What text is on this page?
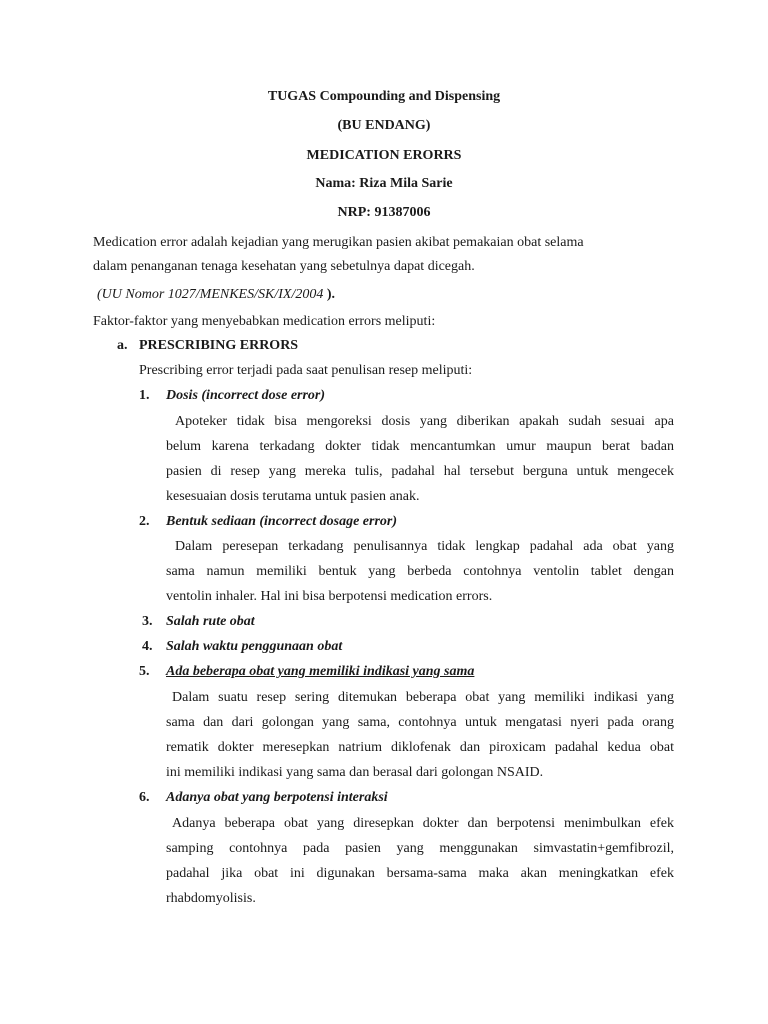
TUGAS Compounding and Dispensing
(BU ENDANG)
MEDICATION ERORRS
Nama: Riza Mila Sarie
NRP: 91387006
Medication error adalah kejadian yang merugikan pasien akibat pemakaian obat selama
dalam penanganan tenaga kesehatan yang sebetulnya dapat dicegah.
(UU Nomor 1027/MENKES/SK/IX/2004 ).
Faktor-faktor yang menyebabkan medication errors meliputi:
a. PRESCRIBING ERRORS
Prescribing error terjadi pada saat penulisan resep meliputi:
1. Dosis (incorrect dose error)
Apoteker tidak bisa mengoreksi dosis yang diberikan apakah sudah sesuai apa
belum karena terkadang dokter tidak mencantumkan umur maupun berat badan
pasien di resep yang mereka tulis, padahal hal tersebut berguna untuk mengecek
kesesuaian dosis terutama untuk pasien anak.
2. Bentuk sediaan (incorrect dosage error)
Dalam peresepan terkadang penulisannya tidak lengkap padahal ada obat yang
sama namun memiliki bentuk yang berbeda contohnya ventolin tablet dengan
ventolin inhaler. Hal ini bisa berpotensi medication errors.
3. Salah rute obat
4. Salah waktu penggunaan obat
5. Ada beberapa obat yang memiliki indikasi yang sama
Dalam suatu resep sering ditemukan beberapa obat yang memiliki indikasi yang
sama dan dari golongan yang sama, contohnya untuk mengatasi nyeri pada orang
rematik dokter meresepkan natrium diklofenak dan piroxicam padahal kedua obat
ini memiliki indikasi yang sama dan berasal dari golongan NSAID.
6. Adanya obat yang berpotensi interaksi
Adanya beberapa obat yang diresepkan dokter dan berpotensi menimbulkan efek
samping contohnya pada pasien yang menggunakan simvastatin+gemfibrozil,
padahal jika obat ini digunakan bersama-sama maka akan meningkatkan efek
rhabdomyolisis.
